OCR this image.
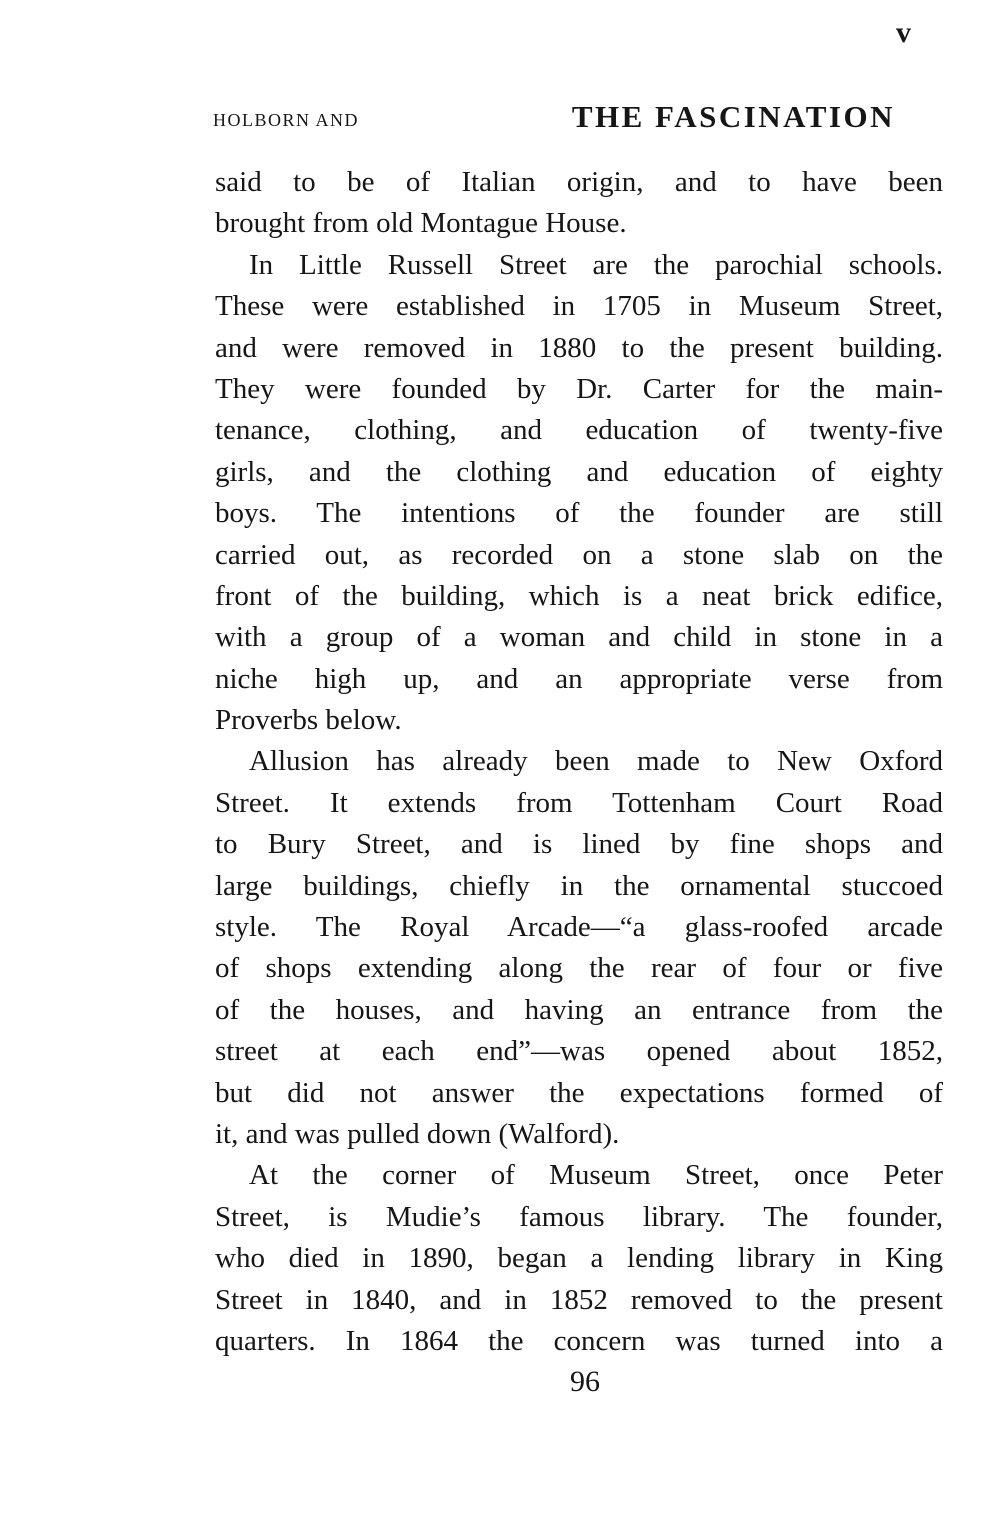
v
HOLBORN AND	THE FASCINATION
said to be of Italian origin, and to have been
brought from old Montague House.
In Little Russell Street are the parochial schools.
These were established in 1705 in Museum Street,
and were removed in 1880 to the present building.
They were founded by Dr. Carter for the main-
tenance, clothing, and education of twenty-five
girls, and the clothing and education of eighty
boys. The intentions of the founder are still
carried out, as recorded on a stone slab on the
front of the building, which is a neat brick edifice,
with a group of a woman and child in stone in a
niche high up, and an appropriate verse from
Proverbs below.
Allusion has already been made to New Oxford
Street. It extends from Tottenham Court Road
to Bury Street, and is lined by fine shops and
large buildings, chiefly in the ornamental stuccoed
style. The Royal Arcade—“a glass-roofed arcade
of shops extending along the rear of four or five
of the houses, and having an entrance from the
street at each end”—was opened about 1852,
but did not answer the expectations formed of
it, and was pulled down (Walford).
At the corner of Museum Street, once Peter
Street, is Mudie’s famous library. The founder,
who died in 1890, began a lending library in King
Street in 1840, and in 1852 removed to the present
quarters. In 1864 the concern was turned into a
96
